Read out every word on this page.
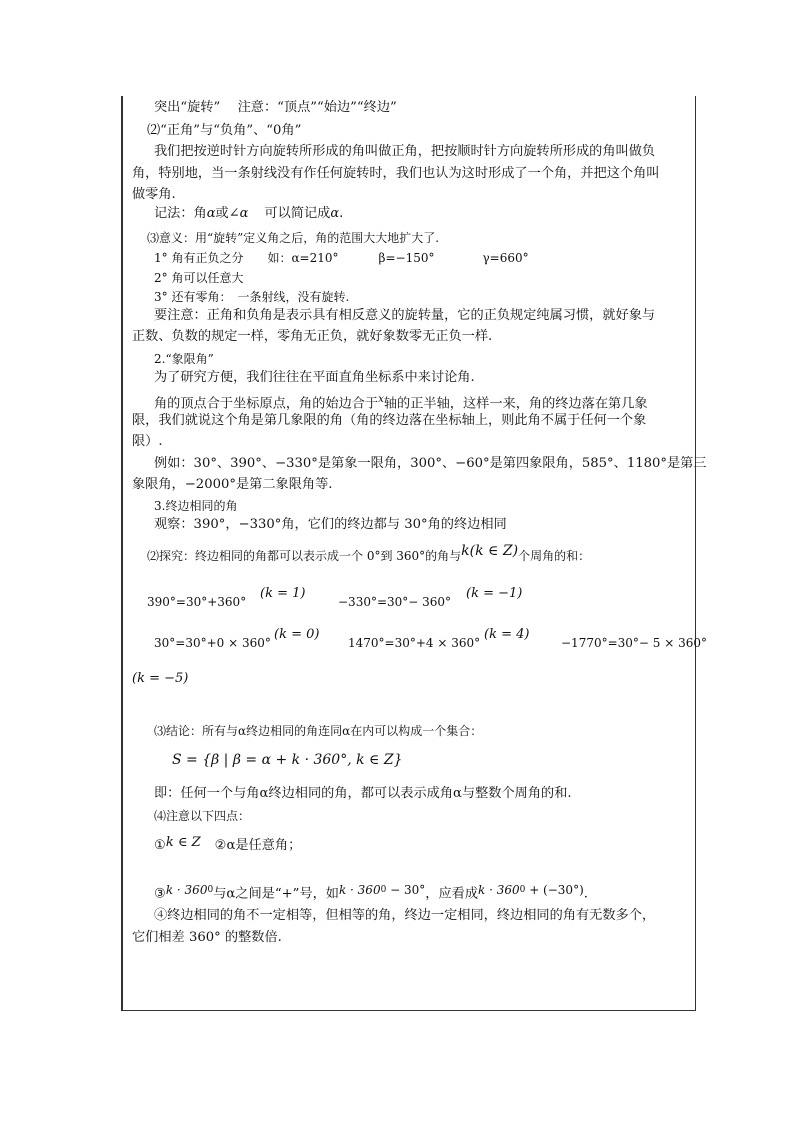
突出“旋转”　 注意：“顶点”“始边”“终边”
⑵“正角”与“负角”、“0角”
我们把按逆时针方向旋转所形成的角叫做正角，把按顺时针方向旋转所形成的角叫做负
角，特别地，当一条射线没有作任何旋转时，我们也认为这时形成了一个角，并把这个角叫
做零角.
记法：角α或∠α 可以简记成α.
⑶意义：用“旋转”定义角之后，角的范围大大地扩大了.
1° 角有正负之分　　如：α=210°	β=−150°	γ=660°
2° 角可以任意大
3° 还有零角：　一条射线，没有旋转.
要注意：正角和负角是表示具有相反意义的旋转量，它的正负规定纯属习惯，就好象与
正数、负数的规定一样，零角无正负，就好象数零无正负一样.
2.“象限角”
为了研究方便，我们往往在平面直角坐标系中来讨论角.
角的顶点合于坐标原点，角的始边合于$^x$轴的正半轴，这样一来，角的终边落在第几象
限，我们就说这个角是第几象限的角（角的终边落在坐标轴上，则此角不属于任何一个象
限）.
例如：30°、390°、−330°是第象一限角，300°、−60°是第四象限角，585°、1180°是第三
象限角，−2000°是第二象限角等.
3.终边相同的角
观察：390°，−330°角，它们的终边都与 30°角的终边相同
⑵探究：终边相同的角都可以表示成一个 0°到 360°的角与k(k ∈ Z)个周角的和：
390°=30°+360°
(k = 1)
−330°=30°− 360°
(k = −1)
30°=30°+0 × 360°
(k = 0)
1470°=30°+4 × 360°
(k = 4)
−1770°=30°− 5 × 360°
(k = −5)
⑶结论：所有与α终边相同的角连同α在内可以构成一个集合：
S = {β | β = α + k · 360°, k ∈ Z}
即：任何一个与角α终边相同的角，都可以表示成角α与整数个周角的和.
⑷注意以下四点：
①k ∈ Z ②α是任意角；
③k · $360^0$与α之间是“+”号，如$k \cdot 360^0 - 30^\circ$，应看成$k \cdot 360^0 + (-30^\circ)$.
④终边相同的角不一定相等，但相等的角，终边一定相同，终边相同的角有无数多个，
它们相差 360° 的整数倍.
